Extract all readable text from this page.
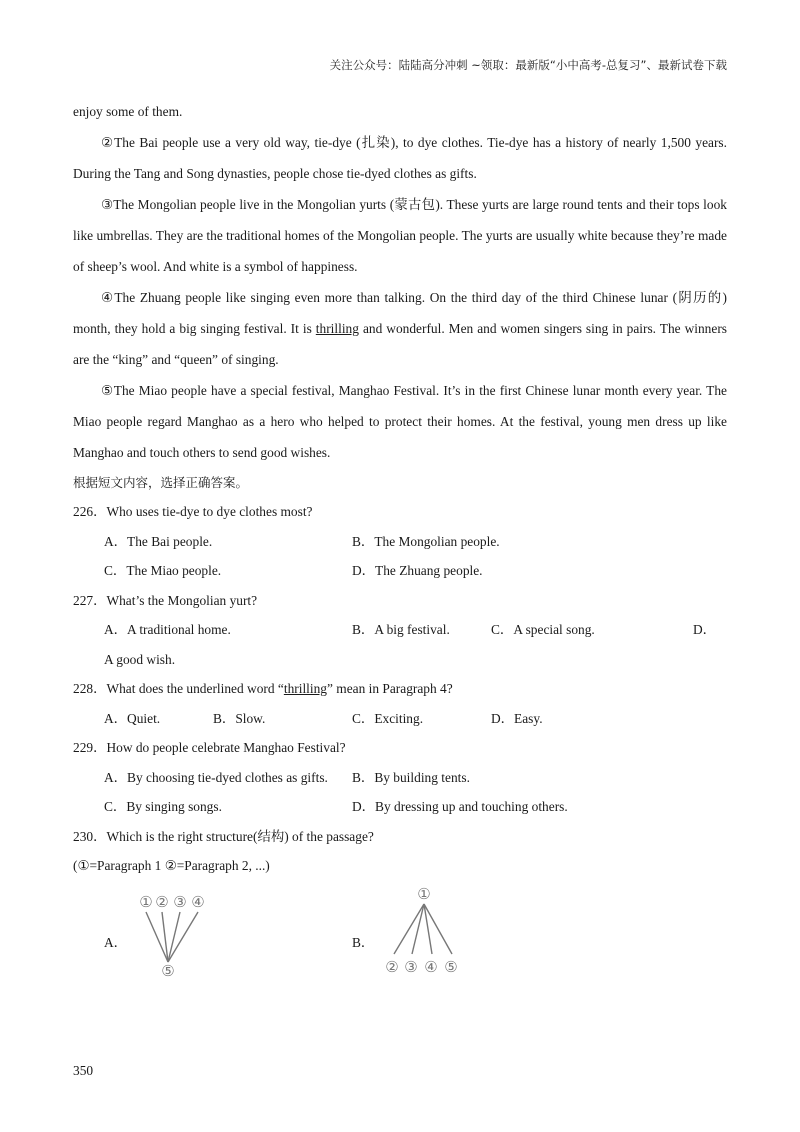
关注公众号：陆陆高分冲刺 ~领取：最新版“小中高考-总复习”、最新试卷下载

enjoy some of them.

②The Bai people use a very old way, tie-dye (扎染), to dye clothes. Tie-dye has a history of nearly 1,500 years. During the Tang and Song dynasties, people chose tie-dyed clothes as gifts.

③The Mongolian people live in the Mongolian yurts (蒙古包). These yurts are large round tents and their tops look like umbrellas. They are the traditional homes of the Mongolian people. The yurts are usually white because they’re made of sheep’s wool. And white is a symbol of happiness.

④The Zhuang people like singing even more than talking. On the third day of the third Chinese lunar (阴历的) month, they hold a big singing festival. It is thrilling and wonderful. Men and women singers sing in pairs. The winners are the “king” and “queen” of singing.

⑤The Miao people have a special festival, Manghao Festival. It’s in the first Chinese lunar month every year. The Miao people regard Manghao as a hero who helped to protect their homes. At the festival, young men dress up like Manghao and touch others to send good wishes.

根据短文内容，选择正确答案。

226．Who uses tie-dye to dye clothes most?

A．The Bai people.	B．The Mongolian people.

C．The Miao people.	D．The Zhuang people.

227．What’s the Mongolian yurt?

A．A traditional home.	B．A big festival.	C．A special song.	D．

A good wish.

228．What does the underlined word “thrilling” mean in Paragraph 4?

A．Quiet.	B．Slow.	C．Exciting.	D．Easy.

229．How do people celebrate Manghao Festival?

A．By choosing tie-dyed clothes as gifts. B．By building tents.

C．By singing songs.	D．By dressing up and touching others.

230．Which is the right structure(结构) of the passage?

(①=Paragraph 1 ②=Paragraph 2, ...)

A．
① ② ③ ④
⑤
B．
①
② ③ ④ ⑤
350
